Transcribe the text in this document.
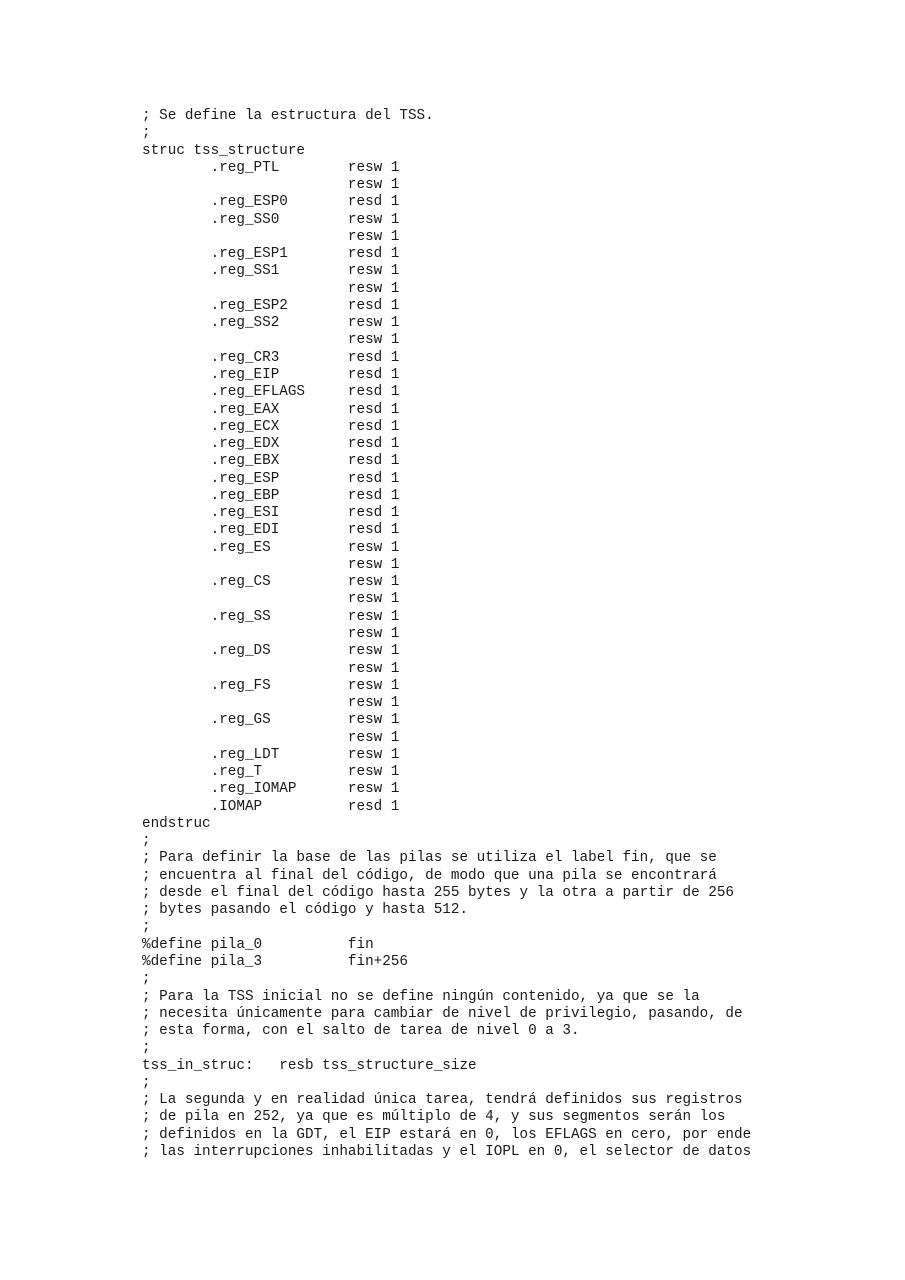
; Se define la estructura del TSS.
;
struc tss_structure
.reg_PTL        resw 1
resw 1
.reg_ESP0       resd 1
.reg_SS0        resw 1
resw 1
.reg_ESP1       resd 1
.reg_SS1        resw 1
resw 1
.reg_ESP2       resd 1
.reg_SS2        resw 1
resw 1
.reg_CR3        resd 1
.reg_EIP        resd 1
.reg_EFLAGS     resd 1
.reg_EAX        resd 1
.reg_ECX        resd 1
.reg_EDX        resd 1
.reg_EBX        resd 1
.reg_ESP        resd 1
.reg_EBP        resd 1
.reg_ESI        resd 1
.reg_EDI        resd 1
.reg_ES         resw 1
resw 1
.reg_CS         resw 1
resw 1
.reg_SS         resw 1
resw 1
.reg_DS         resw 1
resw 1
.reg_FS         resw 1
resw 1
.reg_GS         resw 1
resw 1
.reg_LDT        resw 1
.reg_T          resw 1
.reg_IOMAP      resw 1
.IOMAP          resd 1
endstruc
;
; Para definir la base de las pilas se utiliza el label fin, que se
; encuentra al final del código, de modo que una pila se encontrará
; desde el final del código hasta 255 bytes y la otra a partir de 256
; bytes pasando el código y hasta 512.
;
%define pila_0          fin
%define pila_3          fin+256
;
; Para la TSS inicial no se define ningún contenido, ya que se la
; necesita únicamente para cambiar de nivel de privilegio, pasando, de
; esta forma, con el salto de tarea de nivel 0 a 3.
;
tss_in_struc:   resb tss_structure_size
;
; La segunda y en realidad única tarea, tendrá definidos sus registros
; de pila en 252, ya que es múltiplo de 4, y sus segmentos serán los
; definidos en la GDT, el EIP estará en 0, los EFLAGS en cero, por ende
; las interrupciones inhabilitadas y el IOPL en 0, el selector de datos
